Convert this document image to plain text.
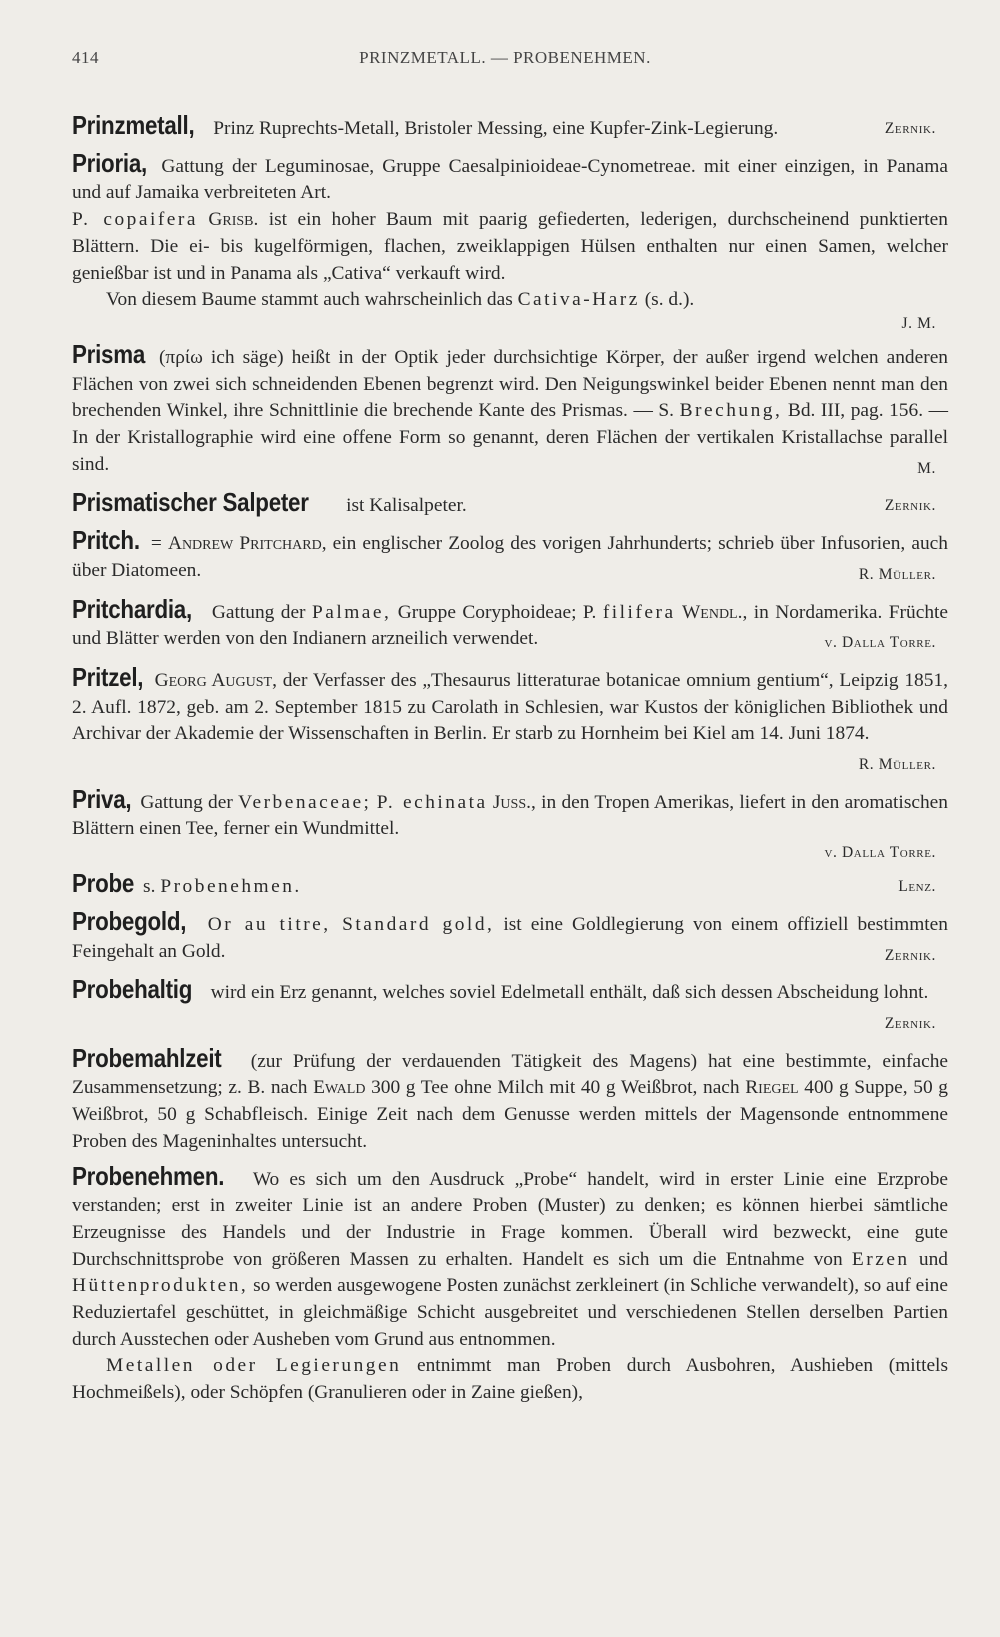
414	PRINZMETALL. — PROBENEHMEN.
Prinzmetall, Prinz Ruprechts-Metall, Bristoler Messing, eine Kupfer-Zink-Legierung.	Zernik.

Prioria, Gattung der Leguminosae, Gruppe Caesalpinioideae-Cynometreae. mit einer einzigen, in Panama und auf Jamaika verbreiteten Art.

P. copaifera Grisb. ist ein hoher Baum mit paarig gefiederten, lederigen, durchscheinend punktierten Blättern. Die ei- bis kugelförmigen, flachen, zweiklappigen Hülsen enthalten nur einen Samen, welcher genießbar ist und in Panama als „Cativa“ verkauft wird.

Von diesem Baume stammt auch wahrscheinlich das Cativa-Harz (s. d.).

J. M.
Prisma (πρίω ich säge) heißt in der Optik jeder durchsichtige Körper, der außer irgend welchen anderen Flächen von zwei sich schneidenden Ebenen begrenzt wird. Den Neigungswinkel beider Ebenen nennt man den brechenden Winkel, ihre Schnittlinie die brechende Kante des Prismas. — S. Brechung, Bd. III, pag. 156. — In der Kristallographie wird eine offene Form so genannt, deren Flächen der vertikalen Kristallachse parallel sind.	M.
Prismatischer Salpeter ist Kalisalpeter.	Zernik.
Pritch. = Andrew Pritchard, ein englischer Zoolog des vorigen Jahrhunderts; schrieb über Infusorien, auch über Diatomeen.	R. Müller.
Pritchardia, Gattung der Palmae, Gruppe Coryphoideae; P. filifera Wendl., in Nordamerika. Früchte und Blätter werden von den Indianern arzneilich verwendet.	v. Dalla Torre.
Pritzel, Georg August, der Verfasser des „Thesaurus litteraturae botanicae omnium gentium“, Leipzig 1851, 2. Aufl. 1872, geb. am 2. September 1815 zu Carolath in Schlesien, war Kustos der königlichen Bibliothek und Archivar der Akademie der Wissenschaften in Berlin. Er starb zu Hornheim bei Kiel am 14. Juni 1874.
R. Müller.
Priva, Gattung der Verbenaceae; P. echinata Juss., in den Tropen Amerikas, liefert in den aromatischen Blättern einen Tee, ferner ein Wundmittel.
v. Dalla Torre.
Probe s. Probenehmen.	Lenz.
Probegold, Or au titre, Standard gold, ist eine Goldlegierung von einem offiziell bestimmten Feingehalt an Gold.	Zernik.
Probehaltig wird ein Erz genannt, welches soviel Edelmetall enthält, daß sich dessen Abscheidung lohnt.
Zernik.
Probemahlzeit (zur Prüfung der verdauenden Tätigkeit des Magens) hat eine bestimmte, einfache Zusammensetzung; z. B. nach Ewald 300 g Tee ohne Milch mit 40 g Weißbrot, nach Riegel 400 g Suppe, 50 g Weißbrot, 50 g Schabfleisch. Einige Zeit nach dem Genusse werden mittels der Magensonde entnommene Proben des Mageninhaltes untersucht.

Probenehmen. Wo es sich um den Ausdruck „Probe“ handelt, wird in erster Linie eine Erzprobe verstanden; erst in zweiter Linie ist an andere Proben (Muster) zu denken; es können hierbei sämtliche Erzeugnisse des Handels und der Industrie in Frage kommen. Überall wird bezweckt, eine gute Durchschnittsprobe von größeren Massen zu erhalten. Handelt es sich um die Entnahme von Erzen und Hüttenprodukten, so werden ausgewogene Posten zunächst zerkleinert (in Schliche verwandelt), so auf eine Reduziertafel geschüttet, in gleichmäßige Schicht ausgebreitet und verschiedenen Stellen derselben Partien durch Ausstechen oder Ausheben vom Grund aus entnommen.

Metallen oder Legierungen entnimmt man Proben durch Ausbohren, Aushieben (mittels Hochmeißels), oder Schöpfen (Granulieren oder in Zaine gießen),
